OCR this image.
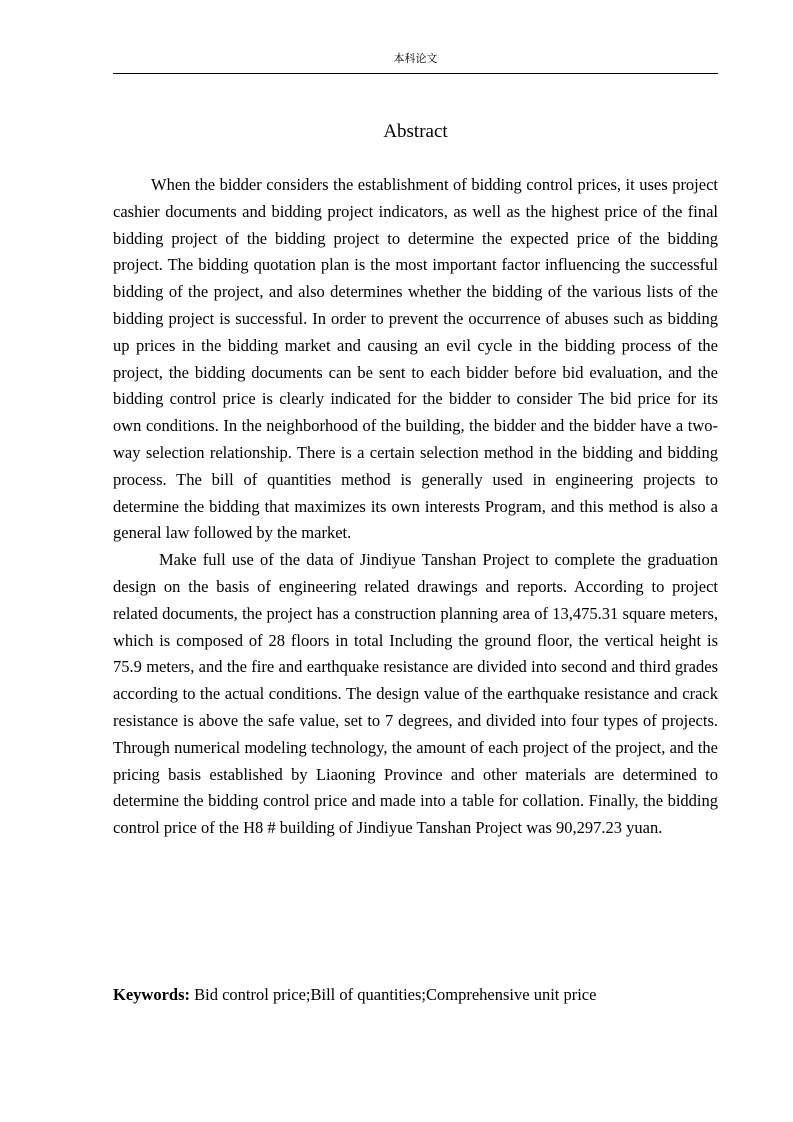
本科论文
Abstract

When the bidder considers the establishment of bidding control prices, it uses project cashier documents and bidding project indicators, as well as the highest price of the final bidding project of the bidding project to determine the expected price of the bidding project. The bidding quotation plan is the most important factor influencing the successful bidding of the project, and also determines whether the bidding of the various lists of the bidding project is successful. In order to prevent the occurrence of abuses such as bidding up prices in the bidding market and causing an evil cycle in the bidding process of the project, the bidding documents can be sent to each bidder before bid evaluation, and the bidding control price is clearly indicated for the bidder to consider The bid price for its own conditions. In the neighborhood of the building, the bidder and the bidder have a two-way selection relationship. There is a certain selection method in the bidding and bidding process. The bill of quantities method is generally used in engineering projects to determine the bidding that maximizes its own interests Program, and this method is also a general law followed by the market.

Make full use of the data of Jindiyue Tanshan Project to complete the graduation design on the basis of engineering related drawings and reports. According to project related documents, the project has a construction planning area of 13,475.31 square meters, which is composed of 28 floors in total Including the ground floor, the vertical height is 75.9 meters, and the fire and earthquake resistance are divided into second and third grades according to the actual conditions. The design value of the earthquake resistance and crack resistance is above the safe value, set to 7 degrees, and divided into four types of projects. Through numerical modeling technology, the amount of each project of the project, and the pricing basis established by Liaoning Province and other materials are determined to determine the bidding control price and made into a table for collation. Finally, the bidding control price of the H8 # building of Jindiyue Tanshan Project was 90,297.23 yuan.

Keywords: Bid control price;Bill of quantities;Comprehensive unit price
